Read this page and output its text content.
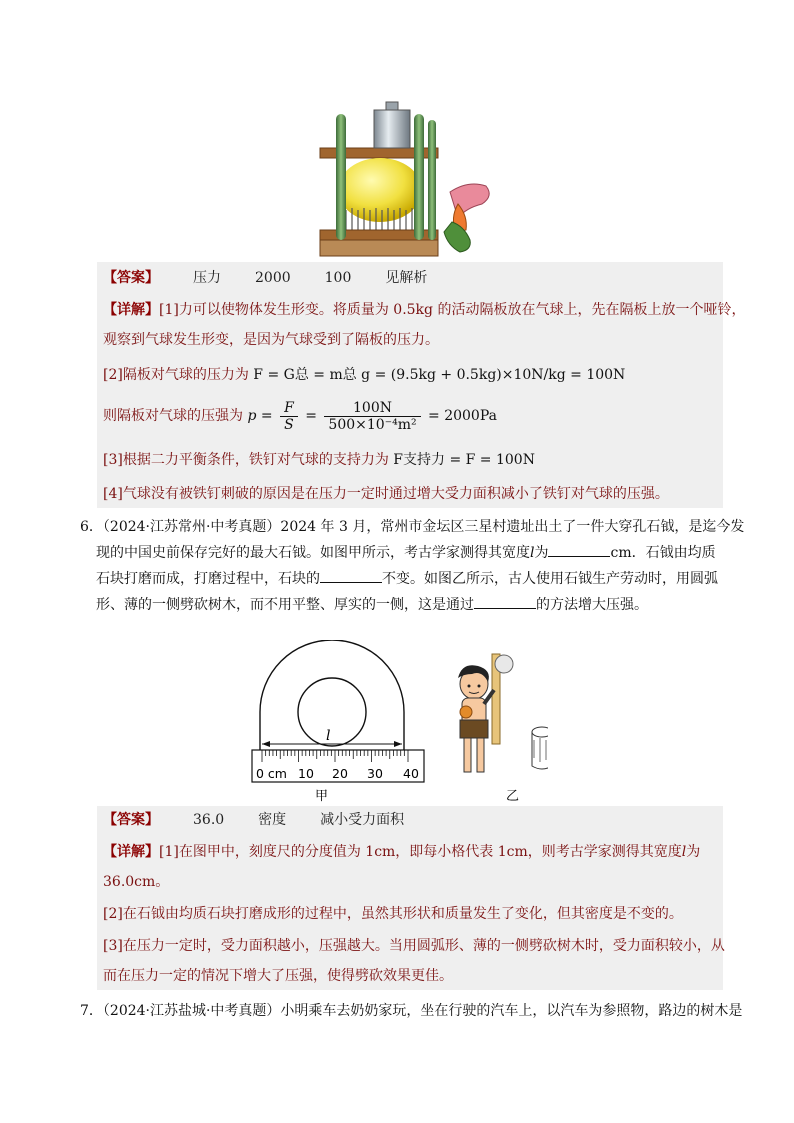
【答案】 压力 2000 100 见解析
【详解】[1]力可以使物体发生形变。将质量为 0.5kg 的活动隔板放在气球上，先在隔板上放一个哑铃，
观察到气球发生形变，是因为气球受到了隔板的压力。
[2]隔板对气球的压力为 F = G总 = m总 g = (9.5kg + 0.5kg)×10N/kg = 100N
则隔板对气球的压强为 $p = \frac{F}{S} = \frac{100N}{\text{500×10⁻⁴m²}} = 2000Pa$
[3]根据二力平衡条件，铁钉对气球的支持力为 F支持力 = F = 100N
[4]气球没有被铁钉刺破的原因是在压力一定时通过增大受力面积减小了铁钉对气球的压强。
6．（2024·江苏常州·中考真题）2024 年 3 月，常州市金坛区三星村遗址出土了一件大穿孔石钺，是迄今发
现的中国史前保存完好的最大石钺。如图甲所示，考古学家测得其宽度l为	cm．石钺由均质
石块打磨而成，打磨过程中，石块的	不变。如图乙所示，古人使用石钺生产劳动时，用圆弧
形、薄的一侧劈砍树木，而不用平整、厚实的一侧，这是通过	的方法增大压强。
l
0 cm 10 20 30 40
甲	乙
【答案】 36.0 密度 减小受力面积
【详解】[1]在图甲中，刻度尺的分度值为 1cm，即每小格代表 1cm，则考古学家测得其宽度l为
36.0cm。
[2]在石钺由均质石块打磨成形的过程中，虽然其形状和质量发生了变化，但其密度是不变的。
[3]在压力一定时，受力面积越小，压强越大。当用圆弧形、薄的一侧劈砍树木时，受力面积较小，从
而在压力一定的情况下增大了压强，使得劈砍效果更佳。
7．（2024·江苏盐城·中考真题）小明乘车去奶奶家玩，坐在行驶的汽车上，以汽车为参照物，路边的树木是
